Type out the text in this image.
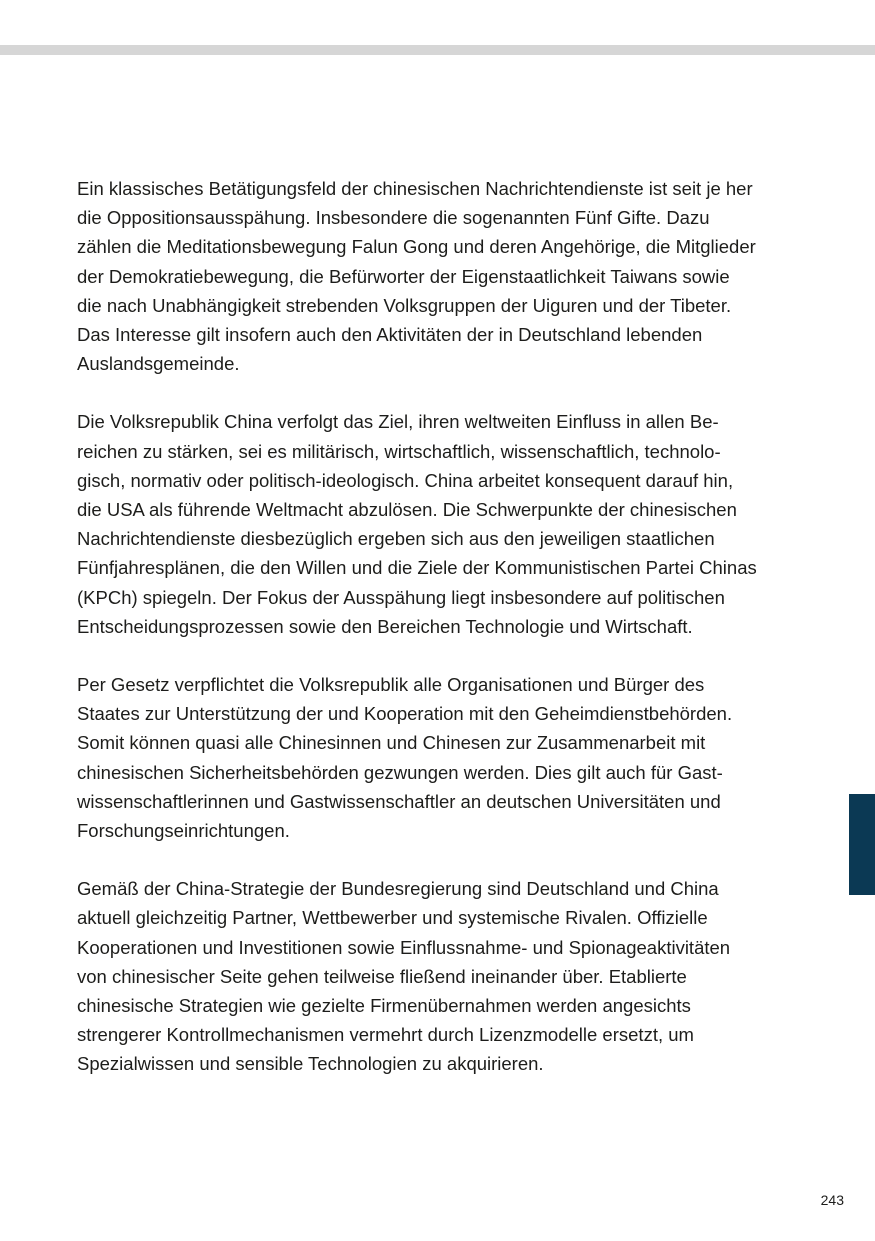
Ein klassisches Betätigungsfeld der chinesischen Nachrichtendienste ist seit je her
die Oppositionsausspähung. Insbesondere die sogenannten Fünf Gifte. Dazu
zählen die Meditationsbewegung Falun Gong und deren Angehörige, die Mitglieder
der Demokratiebewegung, die Befürworter der Eigenstaatlichkeit Taiwans sowie
die nach Unabhängigkeit strebenden Volksgruppen der Uiguren und der Tibeter.
Das Interesse gilt insofern auch den Aktivitäten der in Deutschland lebenden
Auslandsgemeinde.

Die Volksrepublik China verfolgt das Ziel, ihren weltweiten Einfluss in allen Be-
reichen zu stärken, sei es militärisch, wirtschaftlich, wissenschaftlich, technolo-
gisch, normativ oder politisch-ideologisch. China arbeitet konsequent darauf hin,
die USA als führende Weltmacht abzulösen. Die Schwerpunkte der chinesischen
Nachrichtendienste diesbezüglich ergeben sich aus den jeweiligen staatlichen
Fünfjahresplänen, die den Willen und die Ziele der Kommunistischen Partei Chinas
(KPCh) spiegeln. Der Fokus der Ausspähung liegt insbesondere auf politischen
Entscheidungsprozessen sowie den Bereichen Technologie und Wirtschaft.

Per Gesetz verpflichtet die Volksrepublik alle Organisationen und Bürger des
Staates zur Unterstützung der und Kooperation mit den Geheimdienstbehörden.
Somit können quasi alle Chinesinnen und Chinesen zur Zusammenarbeit mit
chinesischen Sicherheitsbehörden gezwungen werden. Dies gilt auch für Gast-
wissenschaftlerinnen und Gastwissenschaftler an deutschen Universitäten und
Forschungseinrichtungen.

Gemäß der China-Strategie der Bundesregierung sind Deutschland und China
aktuell gleichzeitig Partner, Wettbewerber und systemische Rivalen. Offizielle
Kooperationen und Investitionen sowie Einflussnahme- und Spionageaktivitäten
von chinesischer Seite gehen teilweise fließend ineinander über. Etablierte
chinesische Strategien wie gezielte Firmenübernahmen werden angesichts
strengerer Kontrollmechanismen vermehrt durch Lizenzmodelle ersetzt, um
Spezialwissen und sensible Technologien zu akquirieren.

243
